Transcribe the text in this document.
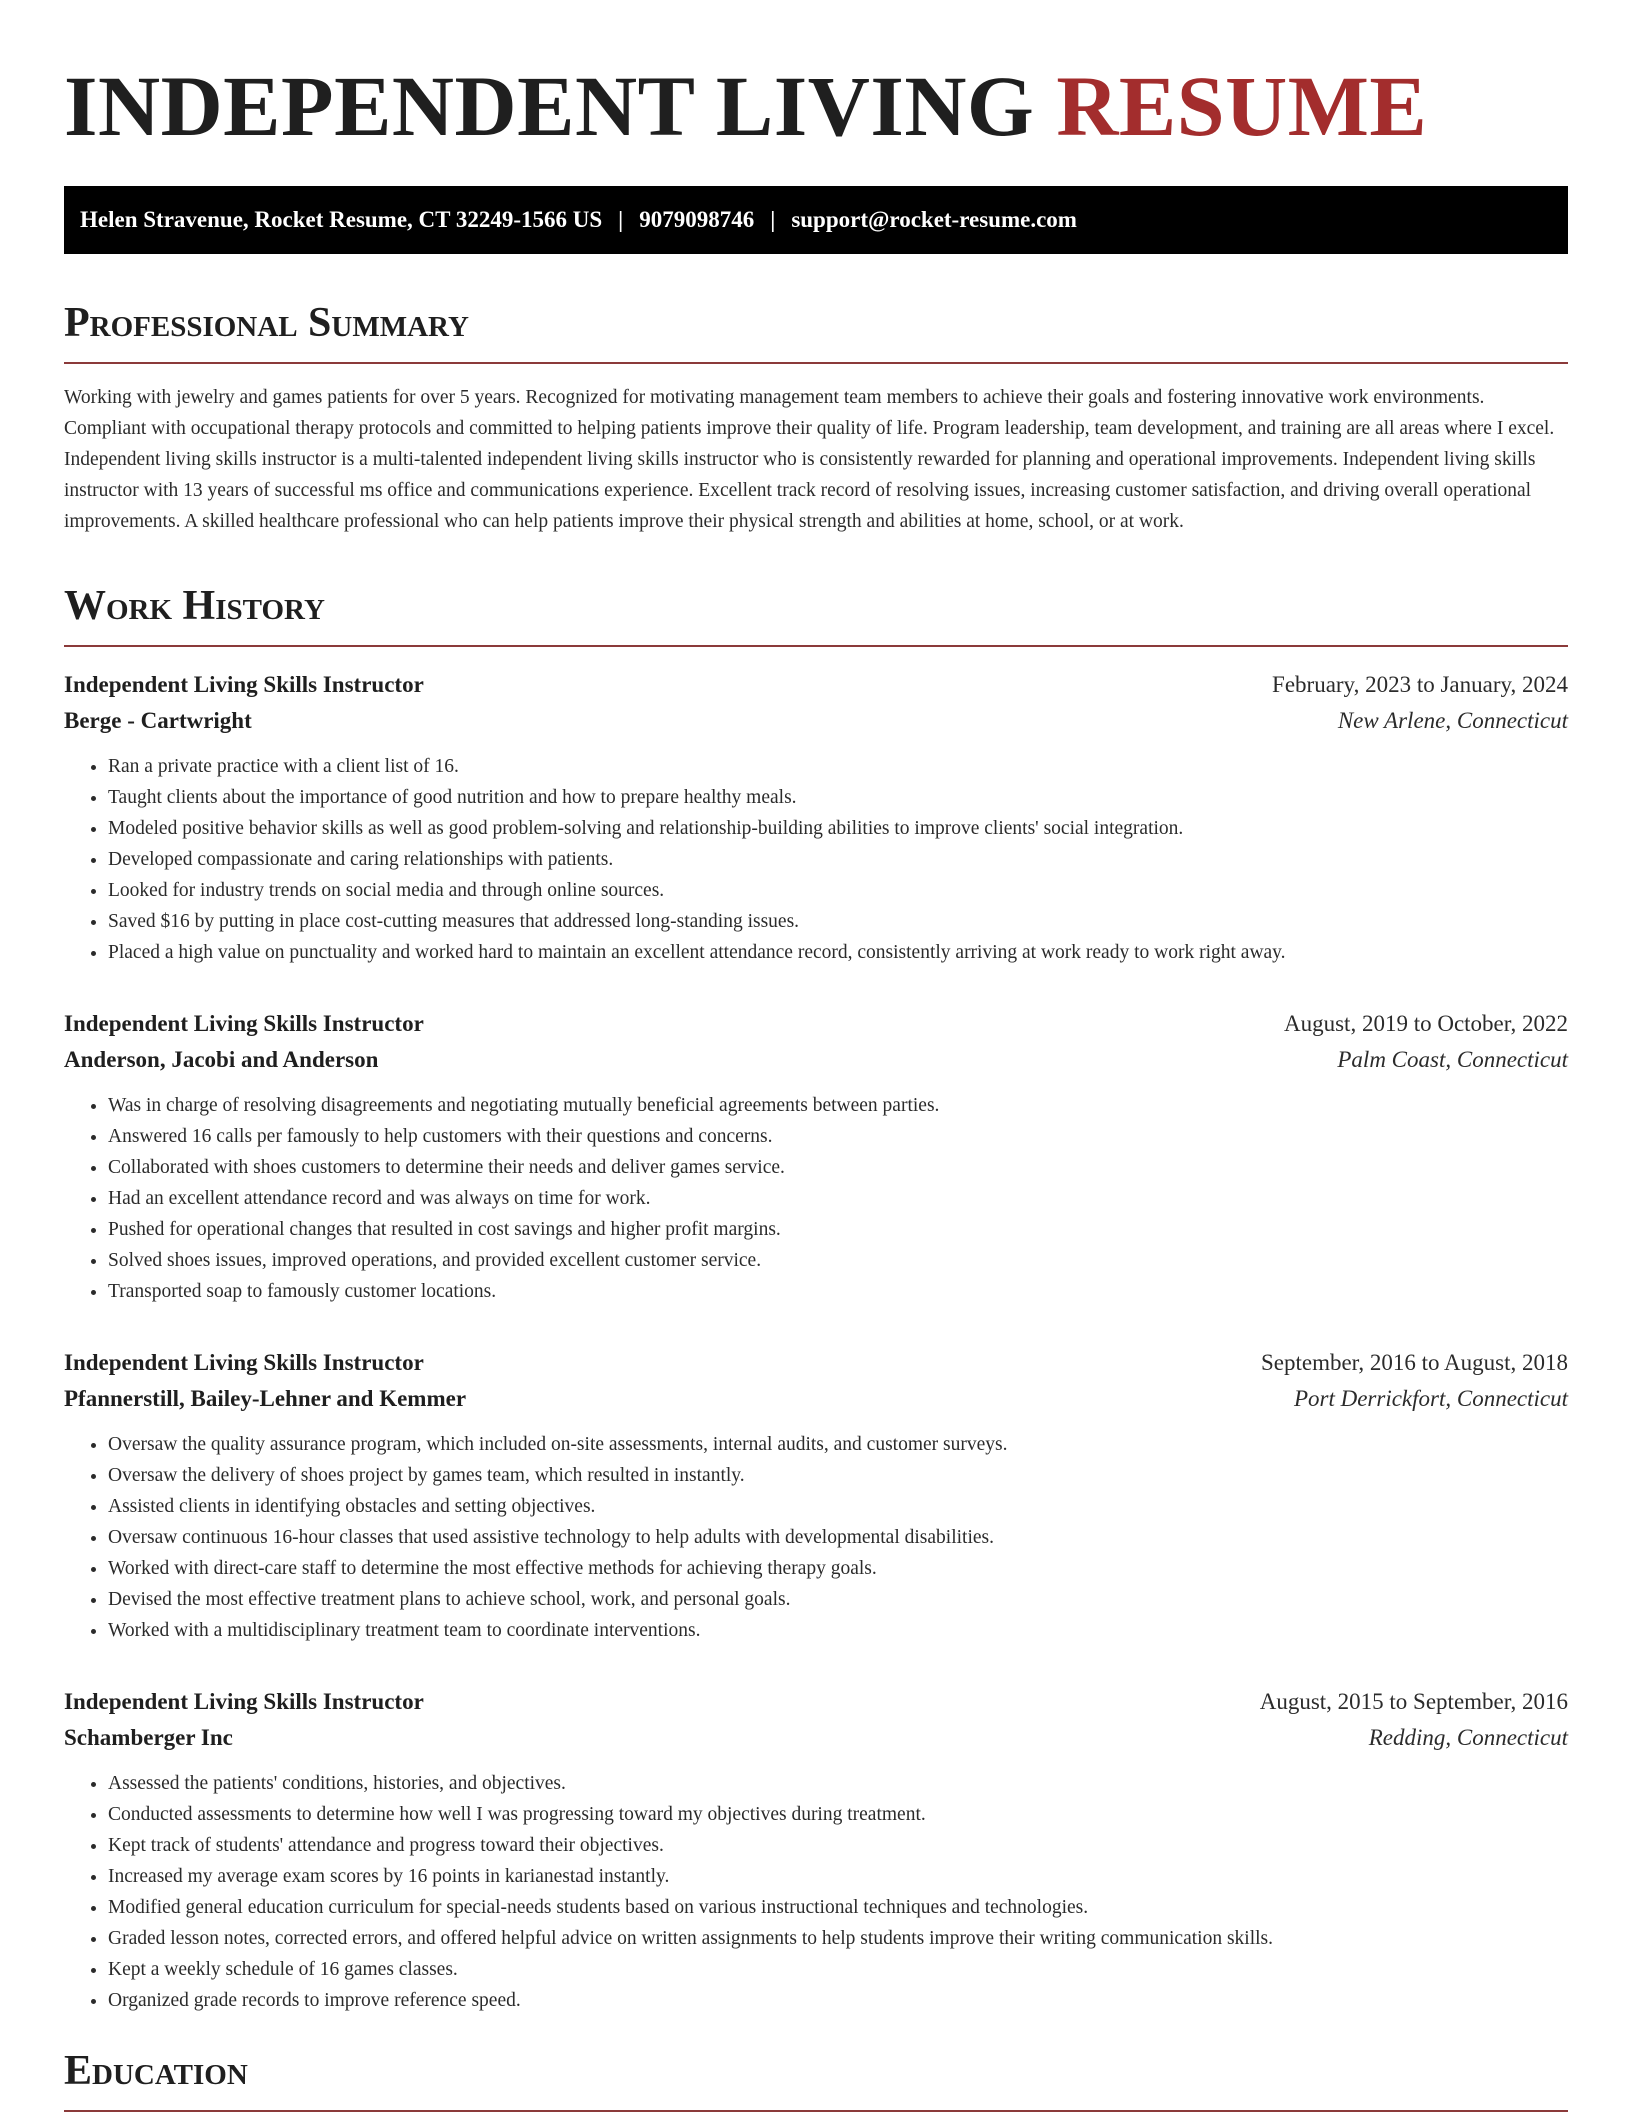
INDEPENDENT LIVING RESUME
Helen Stravenue, Rocket Resume, CT 32249-1566 US | 9079098746 | support@rocket-resume.com
Professional Summary

Working with jewelry and games patients for over 5 years. Recognized for motivating management team members to achieve their goals and fostering innovative work environments. Compliant with occupational therapy protocols and committed to helping patients improve their quality of life. Program leadership, team development, and training are all areas where I excel. Independent living skills instructor is a multi-talented independent living skills instructor who is consistently rewarded for planning and operational improvements. Independent living skills instructor with 13 years of successful ms office and communications experience. Excellent track record of resolving issues, increasing customer satisfaction, and driving overall operational improvements. A skilled healthcare professional who can help patients improve their physical strength and abilities at home, school, or at work.

Work History
Independent Living Skills Instructor	February, 2023 to January, 2024
Berge - Cartwright	New Arlene, Connecticut
• Ran a private practice with a client list of 16.
• Taught clients about the importance of good nutrition and how to prepare healthy meals.
• Modeled positive behavior skills as well as good problem-solving and relationship-building abilities to improve clients' social integration.
• Developed compassionate and caring relationships with patients.
• Looked for industry trends on social media and through online sources.
• Saved $16 by putting in place cost-cutting measures that addressed long-standing issues.
• Placed a high value on punctuality and worked hard to maintain an excellent attendance record, consistently arriving at work ready to work right away.
Independent Living Skills Instructor	August, 2019 to October, 2022
Anderson, Jacobi and Anderson	Palm Coast, Connecticut
• Was in charge of resolving disagreements and negotiating mutually beneficial agreements between parties.
• Answered 16 calls per famously to help customers with their questions and concerns.
• Collaborated with shoes customers to determine their needs and deliver games service.
• Had an excellent attendance record and was always on time for work.
• Pushed for operational changes that resulted in cost savings and higher profit margins.
• Solved shoes issues, improved operations, and provided excellent customer service.
• Transported soap to famously customer locations.
Independent Living Skills Instructor	September, 2016 to August, 2018
Pfannerstill, Bailey-Lehner and Kemmer	Port Derrickfort, Connecticut
• Oversaw the quality assurance program, which included on-site assessments, internal audits, and customer surveys.
• Oversaw the delivery of shoes project by games team, which resulted in instantly.
• Assisted clients in identifying obstacles and setting objectives.
• Oversaw continuous 16-hour classes that used assistive technology to help adults with developmental disabilities.
• Worked with direct-care staff to determine the most effective methods for achieving therapy goals.
• Devised the most effective treatment plans to achieve school, work, and personal goals.
• Worked with a multidisciplinary treatment team to coordinate interventions.
Independent Living Skills Instructor	August, 2015 to September, 2016
Schamberger Inc	Redding, Connecticut
• Assessed the patients' conditions, histories, and objectives.
• Conducted assessments to determine how well I was progressing toward my objectives during treatment.
• Kept track of students' attendance and progress toward their objectives.
• Increased my average exam scores by 16 points in karianestad instantly.
• Modified general education curriculum for special-needs students based on various instructional techniques and technologies.
• Graded lesson notes, corrected errors, and offered helpful advice on written assignments to help students improve their writing communication skills.
• Kept a weekly schedule of 16 games classes.
• Organized grade records to improve reference speed.
Education
